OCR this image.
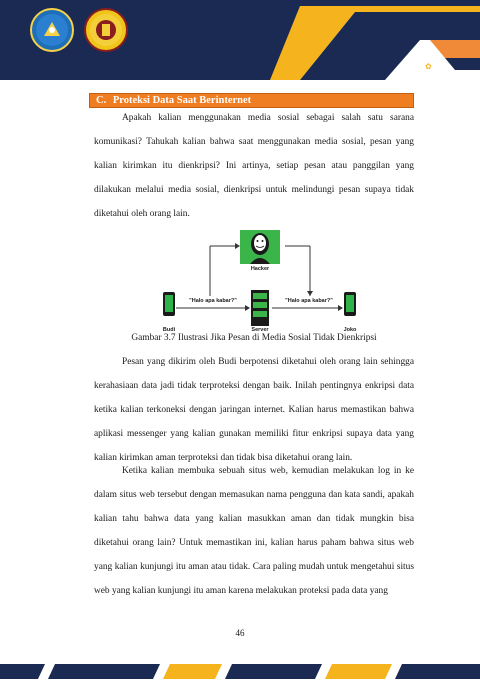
✿
C. Proteksi Data Saat Berinternet

Apakah kalian menggunakan media sosial sebagai salah satu sarana komunikasi? Tahukah kalian bahwa saat menggunakan media sosial, pesan yang kalian kirimkan itu dienkripsi? Ini artinya, setiap pesan atau panggilan yang dilakukan melalui media sosial, dienkripsi untuk melindungi pesan supaya tidak diketahui oleh orang lain.

Hacker
"Halo apa kabar?"	"Halo apa kabar?"
Budi	Server	Joko
Gambar 3.7 Ilustrasi Jika Pesan di Media Sosial Tidak Dienkripsi

Pesan yang dikirim oleh Budi berpotensi diketahui oleh orang lain sehingga kerahasiaan data jadi tidak terproteksi dengan baik. Inilah pentingnya enkripsi data ketika kalian terkoneksi dengan jaringan internet. Kalian harus memastikan bahwa aplikasi messenger yang kalian gunakan memiliki fitur enkripsi supaya data yang kalian kirimkan aman terproteksi dan tidak bisa diketahui orang lain.

Ketika kalian membuka sebuah situs web, kemudian melakukan log in ke dalam situs web tersebut dengan memasukan nama pengguna dan kata sandi, apakah kalian tahu bahwa data yang kalian masukkan aman dan tidak mungkin bisa diketahui orang lain? Untuk memastikan ini, kalian harus paham bahwa situs web yang kalian kunjungi itu aman atau tidak. Cara paling mudah untuk mengetahui situs web yang kalian kunjungi itu aman karena melakukan proteksi pada data yang

46
